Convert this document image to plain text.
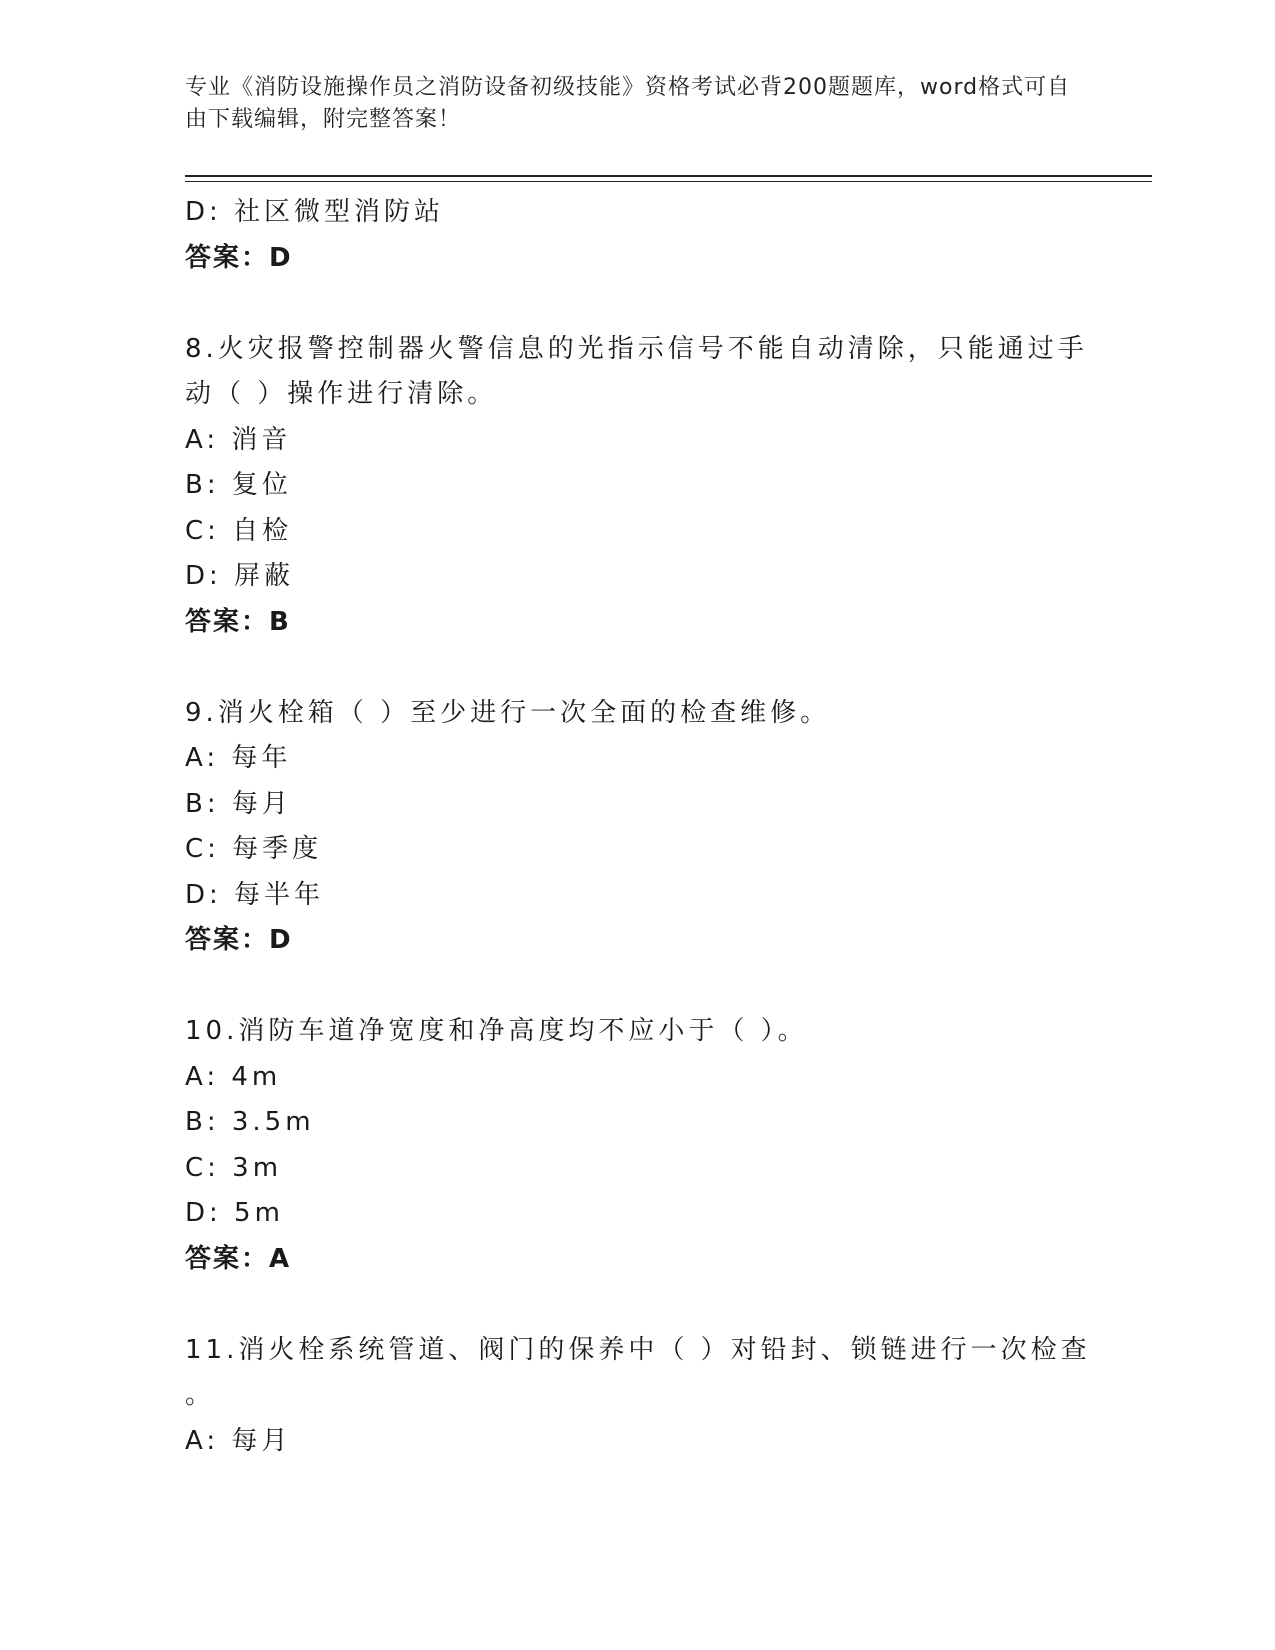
专业《消防设施操作员之消防设备初级技能》资格考试必背200题题库，word格式可自由下载编辑，附完整答案！
D: 社区微型消防站
答案：D
8.火灾报警控制器火警信息的光指示信号不能自动清除，只能通过手
动（ ）操作进行清除。
A: 消音
B: 复位
C: 自检
D: 屏蔽
答案：B
9.消火栓箱（ ）至少进行一次全面的检查维修。
A: 每年
B: 每月
C: 每季度
D: 每半年
答案：D
10.消防车道净宽度和净高度均不应小于（ ）。
A: 4m
B: 3.5m
C: 3m
D: 5m
答案：A
11.消火栓系统管道、阀门的保养中（ ）对铅封、锁链进行一次检查
。
A: 每月
